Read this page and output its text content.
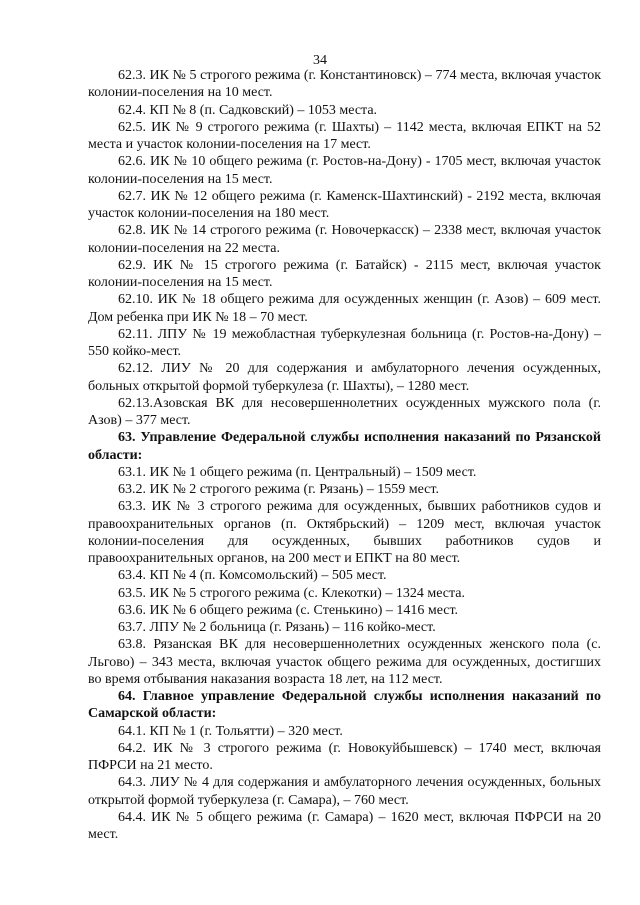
34

62.3. ИК № 5 строгого режима (г. Константиновск) – 774 места, включая участок колонии-поселения на 10 мест.

62.4. КП № 8 (п. Садковский) – 1053 места.

62.5. ИК № 9 строгого режима (г. Шахты) – 1142 места, включая ЕПКТ на 52 места и участок колонии-поселения на 17 мест.

62.6. ИК № 10 общего режима (г. Ростов-на-Дону) - 1705 мест, включая участок колонии-поселения на 15 мест.

62.7. ИК № 12 общего режима (г. Каменск-Шахтинский) - 2192 места, включая участок колонии-поселения на 180 мест.

62.8. ИК № 14 строгого режима (г. Новочеркасск) – 2338 мест, включая участок колонии-поселения на 22 места.

62.9. ИК № 15 строгого режима (г. Батайск) - 2115 мест, включая участок колонии-поселения на 15 мест.

62.10. ИК № 18 общего режима для осужденных женщин (г. Азов) – 609 мест. Дом ребенка при ИК № 18 – 70 мест.

62.11. ЛПУ № 19 межобластная туберкулезная больница (г. Ростов-на-Дону) – 550 койко-мест.

62.12. ЛИУ № 20 для содержания и амбулаторного лечения осужденных, больных открытой формой туберкулеза (г. Шахты), – 1280 мест.

62.13.Азовская ВК для несовершеннолетних осужденных мужского пола (г. Азов) – 377 мест.

63. Управление Федеральной службы исполнения наказаний по Рязанской области:

63.1. ИК № 1 общего режима (п. Центральный) – 1509 мест.

63.2. ИК № 2 строгого режима (г. Рязань) – 1559 мест.

63.3. ИК № 3 строгого режима для осужденных, бывших работников судов и правоохранительных органов (п. Октябрьский) – 1209 мест, включая участок колонии-поселения для осужденных, бывших работников судов и правоохранительных органов, на 200 мест и ЕПКТ на 80 мест.

63.4. КП № 4 (п. Комсомольский) – 505 мест.

63.5. ИК № 5 строгого режима (с. Клекотки) – 1324 места.

63.6. ИК № 6 общего режима (с. Стенькино) – 1416 мест.

63.7. ЛПУ № 2 больница (г. Рязань) – 116 койко-мест.

63.8. Рязанская ВК для несовершеннолетних осужденных женского пола (с. Льгово) – 343 места, включая участок общего режима для осужденных, достигших во время отбывания наказания возраста 18 лет, на 112 мест.

64. Главное управление Федеральной службы исполнения наказаний по Самарской области:

64.1. КП № 1 (г. Тольятти) – 320 мест.

64.2. ИК № 3 строгого режима (г. Новокуйбышевск) – 1740 мест, включая ПФРСИ на 21 место.

64.3. ЛИУ № 4 для содержания и амбулаторного лечения осужденных, больных открытой формой туберкулеза (г. Самара), – 760 мест.

64.4. ИК № 5 общего режима (г. Самара) – 1620 мест, включая ПФРСИ на 20 мест.
